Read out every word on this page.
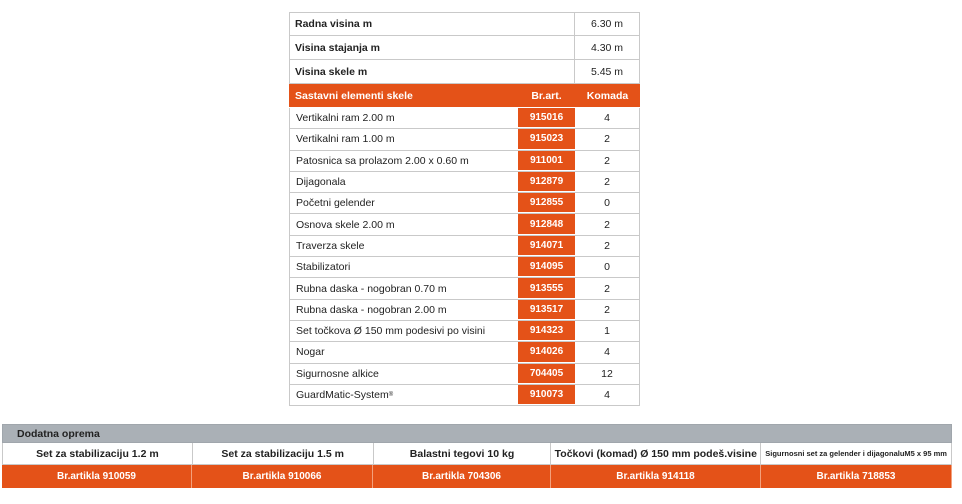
Radna visina m	6.30 m
Visina stajanja m	4.30 m
Visina skele m	5.45 m
Sastavni elementi skele	Br.art.	Komada
Vertikalni ram 2.00 m	915016	4
Vertikalni ram 1.00 m	915023	2
Patosnica sa prolazom 2.00 x 0.60 m	911001	2
Dijagonala	912879	2
Početni gelender	912855	0
Osnova skele 2.00 m	912848	2
Traverza skele	914071	2
Stabilizatori	914095	0
Rubna daska - nogobran 0.70 m	913555	2
Rubna daska - nogobran 2.00 m	913517	2
Set točkova Ø 150 mm podesivi po visini	914323	1
Nogar	914026	4
Sigurnosne alkice	704405	12
GuardMatic-System ®	910073	4
Dodatna oprema
Set za stabilizaciju 1.2 m	Set za stabilizaciju 1.5 m	Balastni tegovi 10 kg	Točkovi (komad) Ø 150 mm podeš.visine	Sigurnosni set za gelender i dijagonaluM5 x 95 mm
Br.artikla 910059	Br.artikla 910066	Br.artikla 704306	Br.artikla 914118	Br.artikla 718853
